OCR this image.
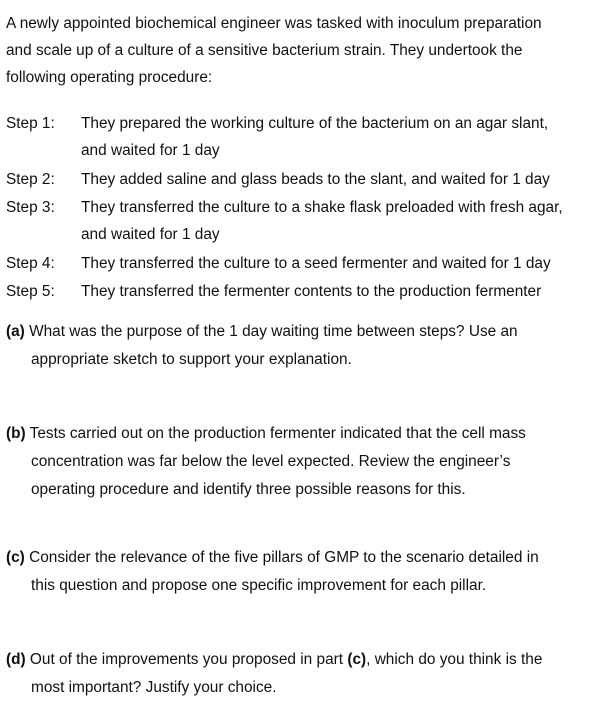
A newly appointed biochemical engineer was tasked with inoculum preparation
and scale up of a culture of a sensitive bacterium strain. They undertook the
following operating procedure:
Step 1: They prepared the working culture of the bacterium on an agar slant,
and waited for 1 day
Step 2: They added saline and glass beads to the slant, and waited for 1 day
Step 3: They transferred the culture to a shake flask preloaded with fresh agar,
and waited for 1 day
Step 4: They transferred the culture to a seed fermenter and waited for 1 day
Step 5: They transferred the fermenter contents to the production fermenter
(a) What was the purpose of the 1 day waiting time between steps? Use an
appropriate sketch to support your explanation.
(b) Tests carried out on the production fermenter indicated that the cell mass
concentration was far below the level expected. Review the engineer’s
operating procedure and identify three possible reasons for this.
(c) Consider the relevance of the five pillars of GMP to the scenario detailed in
this question and propose one specific improvement for each pillar.
(d) Out of the improvements you proposed in part (c), which do you think is the
most important? Justify your choice.
